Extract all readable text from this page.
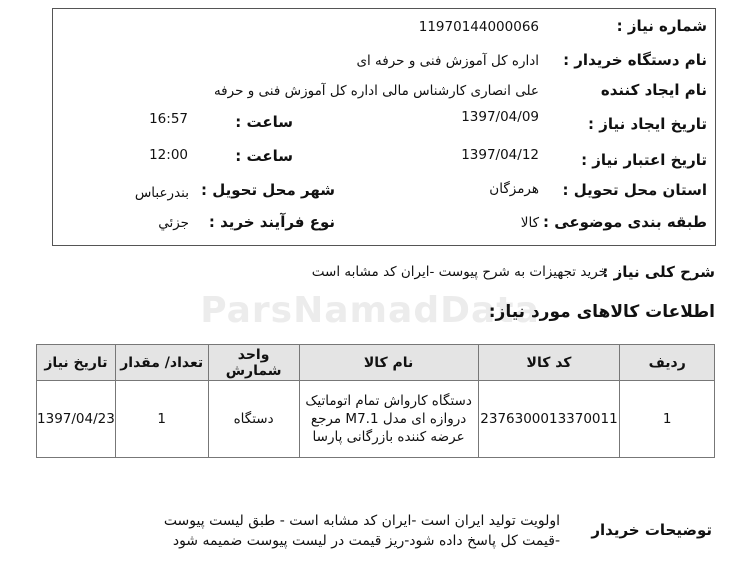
ParsNamadData
شماره نیاز :
11970144000066
نام دستگاه خریدار :
اداره کل آموزش فنی و حرفه ای
نام ایجاد کننده
علی انصاری کارشناس مالی اداره کل آموزش فنی و حرفه
تاریخ ایجاد نیاز :
1397/04/09
ساعت :
16:57
تاریخ اعتبار نیاز :
1397/04/12
ساعت :
12:00
استان محل تحویل :
هرمزگان
شهر محل تحویل :
بندرعباس
طبقه بندی موضوعی :
کالا
نوع فرآیند خرید :
جزئي
شرح کلی نیاز :
خرید تجهیزات به شرح پیوست -ایران کد مشابه است
اطلاعات کالاهای مورد نیاز:
ردیف	کد کالا	نام کالا	واحد شمارش	تعداد/ مقدار	تاریخ نیاز
1	2376300013370011	دستگاه کارواش تمام اتوماتیک
دروازه ای مدل M7.1 مرجع
عرضه کننده بازرگانی پارسا	دستگاه	1	1397/04/23
توضیحات خریدار
اولویت تولید ایران است -ایران کد مشابه است - طبق لیست پیوست
-قیمت کل پاسخ داده شود-ریز قیمت در لیست پیوست ضمیمه شود
